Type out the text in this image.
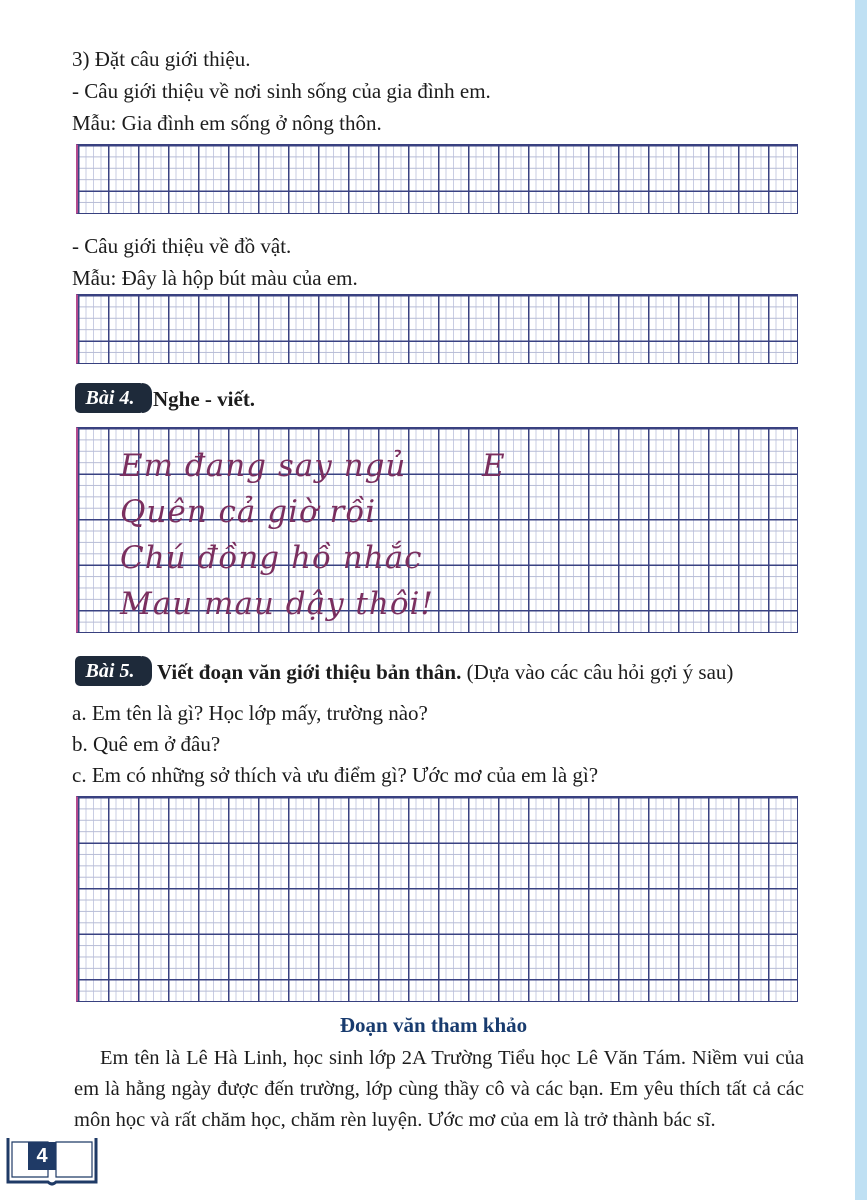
3) Đặt câu giới thiệu.
- Câu giới thiệu về nơi sinh sống của gia đình em.
Mẫu: Gia đình em sống ở nông thôn.
- Câu giới thiệu về đồ vật.
Mẫu: Đây là hộp bút màu của em.
Bài 4. Nghe - viết.
Em đang say ngủ
Quên cả giờ rồi
Chú đồng hồ nhắc
Mau mau dậy thôi!
E
Bài 5.	Viết đoạn văn giới thiệu bản thân. (Dựa vào các câu hỏi gợi ý sau)
a. Em tên là gì? Học lớp mấy, trường nào?
b. Quê em ở đâu?
c. Em có những sở thích và ưu điểm gì? Ước mơ của em là gì?
Đoạn văn tham khảo
Em tên là Lê Hà Linh, học sinh lớp 2A Trường Tiểu học Lê Văn Tám. Niềm vui của em là hằng ngày được đến trường, lớp cùng thầy cô và các bạn. Em yêu thích tất cả các môn học và rất chăm học, chăm rèn luyện. Ước mơ của em là trở thành bác sĩ.
4
